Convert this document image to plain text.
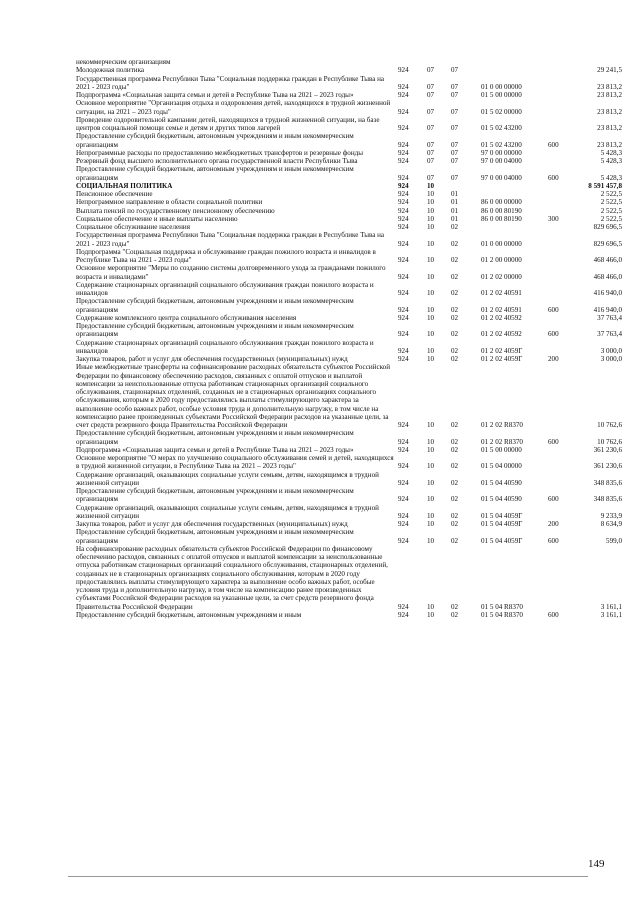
некоммерческим организациям
Молодежная политика	924	07 07	29 241,5
Государственная программа Республики Тыва "Социальная поддержка граждан в Республике Тыва на 2021 - 2023 годы"	924	07 07	01 0 00 00000	23 813,2
Подпрограмма «Социальная защита семьи и детей в Республике Тыва на 2021 – 2023 годы»	924	07 07	01 5 00 00000	23 813,2
Основное мероприятие "Организация отдыха и оздоровления детей, находящихся в трудной жизненной ситуации, на 2021 – 2023 годы"	924	07 07	01 5 02 00000	23 813,2
Проведение оздоровительной кампании детей, находящихся в трудной жизненной ситуации, на базе центров социальной помощи семье и детям и других типов лагерей	924	07 07	01 5 02 43200	23 813,2
Предоставление субсидий бюджетным, автономным учреждениям и иным некоммерческим организациям	924	07 07	01 5 02 43200	600	23 813,2
Непрограммные расходы по предоставлению межбюджетных трансфертов и резервные фонды	924	07 07	97 0 00 00000	5 428,3
Резервный фонд высшего исполнительного органа государственной власти Республики Тыва	924	07 07	97 0 00 04000	5 428,3
Предоставление субсидий бюджетным, автономным учреждениям и иным некоммерческим организациям	924	07 07	97 0 00 04000	600	5 428,3
СОЦИАЛЬНАЯ ПОЛИТИКА	924	10	8 591 457,8
Пенсионное обеспечение	924	10 01	2 522,5
Непрограммное направление в области социальной политики	924	10 01	86 0 00 00000	2 522,5
Выплата пенсий по государственному пенсионному обеспечению	924	10 01	86 0 00 80190	2 522,5
Социальное обеспечение и иные выплаты населению	924	10 01	86 0 00 80190	300	2 522,5
Социальное обслуживание населения	924	10 02	829 696,5
Государственная программа Республики Тыва "Социальная поддержка граждан в Республике Тыва на 2021 - 2023 годы"	924	10 02	01 0 00 00000	829 696,5
Подпрограмма "Социальная поддержка и обслуживание граждан пожилого возраста и инвалидов в Республике Тыва на 2021 - 2023 годы"	924	10 02	01 2 00 00000	468 466,0
Основное мероприятие "Меры по созданию системы долговременного ухода за гражданами пожилого возраста и инвалидами"	924	10 02	01 2 02 00000	468 466,0
Содержание стационарных организаций социального обслуживания граждан пожилого возраста и инвалидов	924	10 02	01 2 02 40591	416 940,0
Предоставление субсидий бюджетным, автономным учреждениям и иным некоммерческим организациям	924	10 02	01 2 02 40591	600	416 940,0
Содержание комплексного центра социального обслуживания населения	924	10 02	01 2 02 40592	37 763,4
Предоставление субсидий бюджетным, автономным учреждениям и иным некоммерческим организациям	924	10 02	01 2 02 40592	600	37 763,4
Содержание стационарных организаций социального обслуживания граждан пожилого возраста и инвалидов	924	10 02	01 2 02 4059Г	3 000,0
Закупка товаров, работ и услуг для обеспечения государственных (муниципальных) нужд	924	10 02	01 2 02 4059Г	200	3 000,0
Иные межбюджетные трансферты на софинансирование расходных обязательств субъектов Российской Федерации по финансовому обеспечению расходов, связанных с оплатой отпусков и выплатой компенсации за неиспользованные отпуска работникам стационарных организаций социального обслуживания, стационарных отделений, созданных не в стационарных организациях социального обслуживания, которым в 2020 году предоставлялись выплаты стимулирующего характера за выполнение особо важных работ, особые условия труда и дополнительную нагрузку, в том числе на компенсацию ранее произведенных субъектами Российской Федерации расходов на указанные цели, за счет средств резервного фонда Правительства Российской Федерации	924	10 02	01 2 02 R8370	10 762,6
Предоставление субсидий бюджетным, автономным учреждениям и иным некоммерческим организациям	924	10 02	01 2 02 R8370	600	10 762,6
Подпрограмма «Социальная защита семьи и детей в Республике Тыва на 2021 – 2023 годы»	924	10 02	01 5 00 00000	361 230,6
Основное мероприятие "О мерах по улучшению социального обслуживания семей и детей, находящихся в трудной жизненной ситуации, в Республике Тыва на 2021 – 2023 годы"	924	10 02	01 5 04 00000	361 230,6
Содержание организаций, оказывающих социальные услуги семьям, детям, находящимся в трудной жизненной ситуации	924	10 02	01 5 04 40590	348 835,6
Предоставление субсидий бюджетным, автономным учреждениям и иным некоммерческим организациям	924	10 02	01 5 04 40590	600	348 835,6
Содержание организаций, оказывающих социальные услуги семьям, детям, находящимся в трудной жизненной ситуации	924	10 02	01 5 04 4059Г	9 233,9
Закупка товаров, работ и услуг для обеспечения государственных (муниципальных) нужд	924	10 02	01 5 04 4059Г	200	8 634,9
Предоставление субсидий бюджетным, автономным учреждениям и иным некоммерческим организациям	924	10 02	01 5 04 4059Г	600	599,0
На софинансирование расходных обязательств субъектов Российской Федерации по финансовому обеспечению расходов, связанных с оплатой отпусков и выплатой компенсации за неиспользованные отпуска работникам стационарных организаций социального обслуживания, стационарных отделений, созданных не в стационарных организациях социального обслуживания, которым в 2020 году предоставлялись выплаты стимулирующего характера за выполнение особо важных работ, особые условия труда и дополнительную нагрузку, в том числе на компенсацию ранее произведенных субъектами Российской Федерации расходов на указанные цели, за счет средств резервного фонда Правительства Российской Федерации	924	10 02	01 5 04 R8370	3 161,1
Предоставление субсидий бюджетным, автономным учреждениям и иным	924	10 02	01 5 04 R8370	600	3 161,1
149
